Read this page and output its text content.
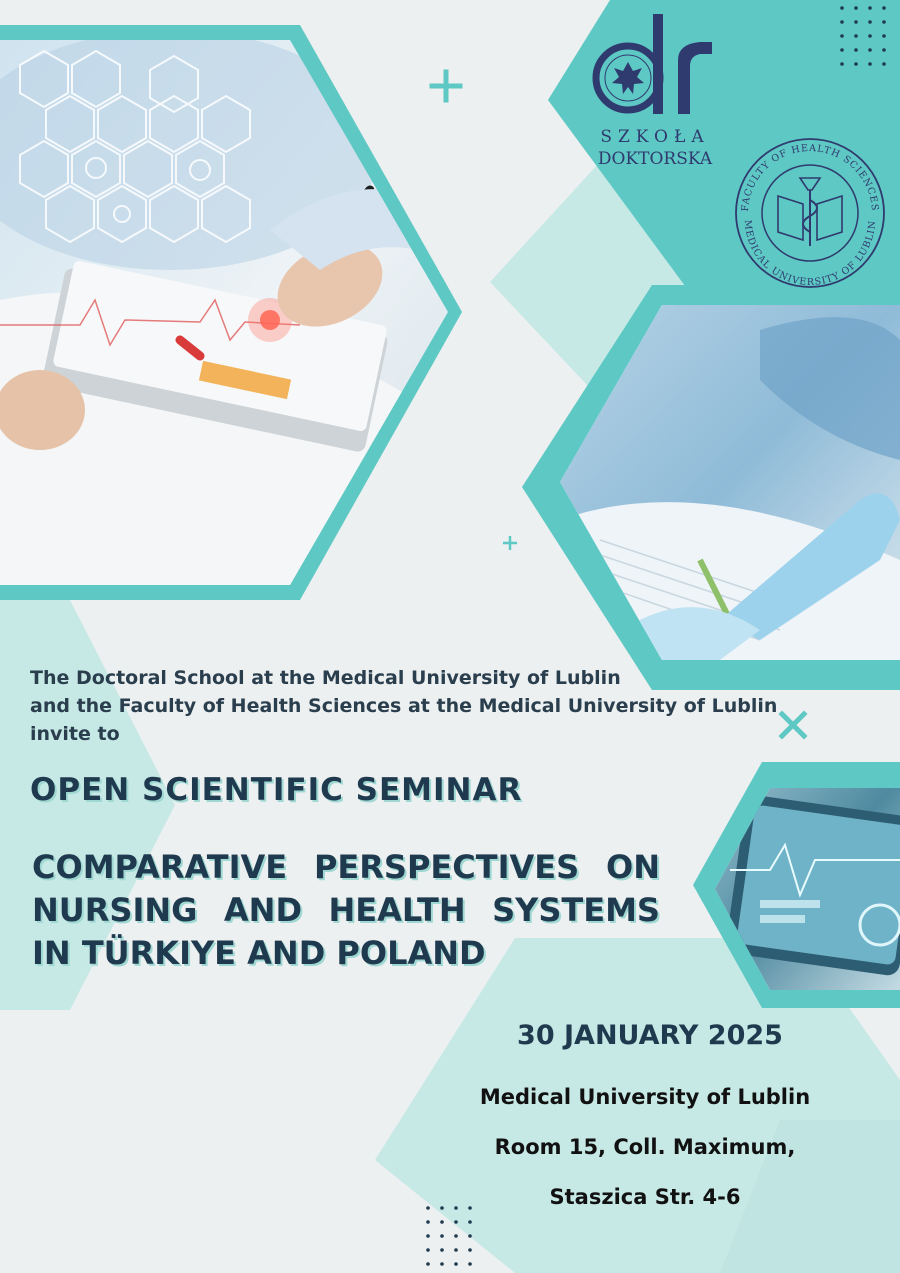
dr
FACULTY OF HEALTH SCIENCES
MEDICAL UNIVERSITY OF LUBLIN
SZKOŁA
DOKTORSKA
The Doctoral School at the Medical University of Lublin
and the Faculty of Health Sciences at the Medical University of Lublin
invite to
OPEN SCIENTIFIC SEMINAR
COMPARATIVE PERSPECTIVES ON
NURSING AND HEALTH SYSTEMS
IN TÜRKIYE AND POLAND
30 JANUARY 2025
Medical University of Lublin
Room 15, Coll. Maximum,
Staszica Str. 4-6
